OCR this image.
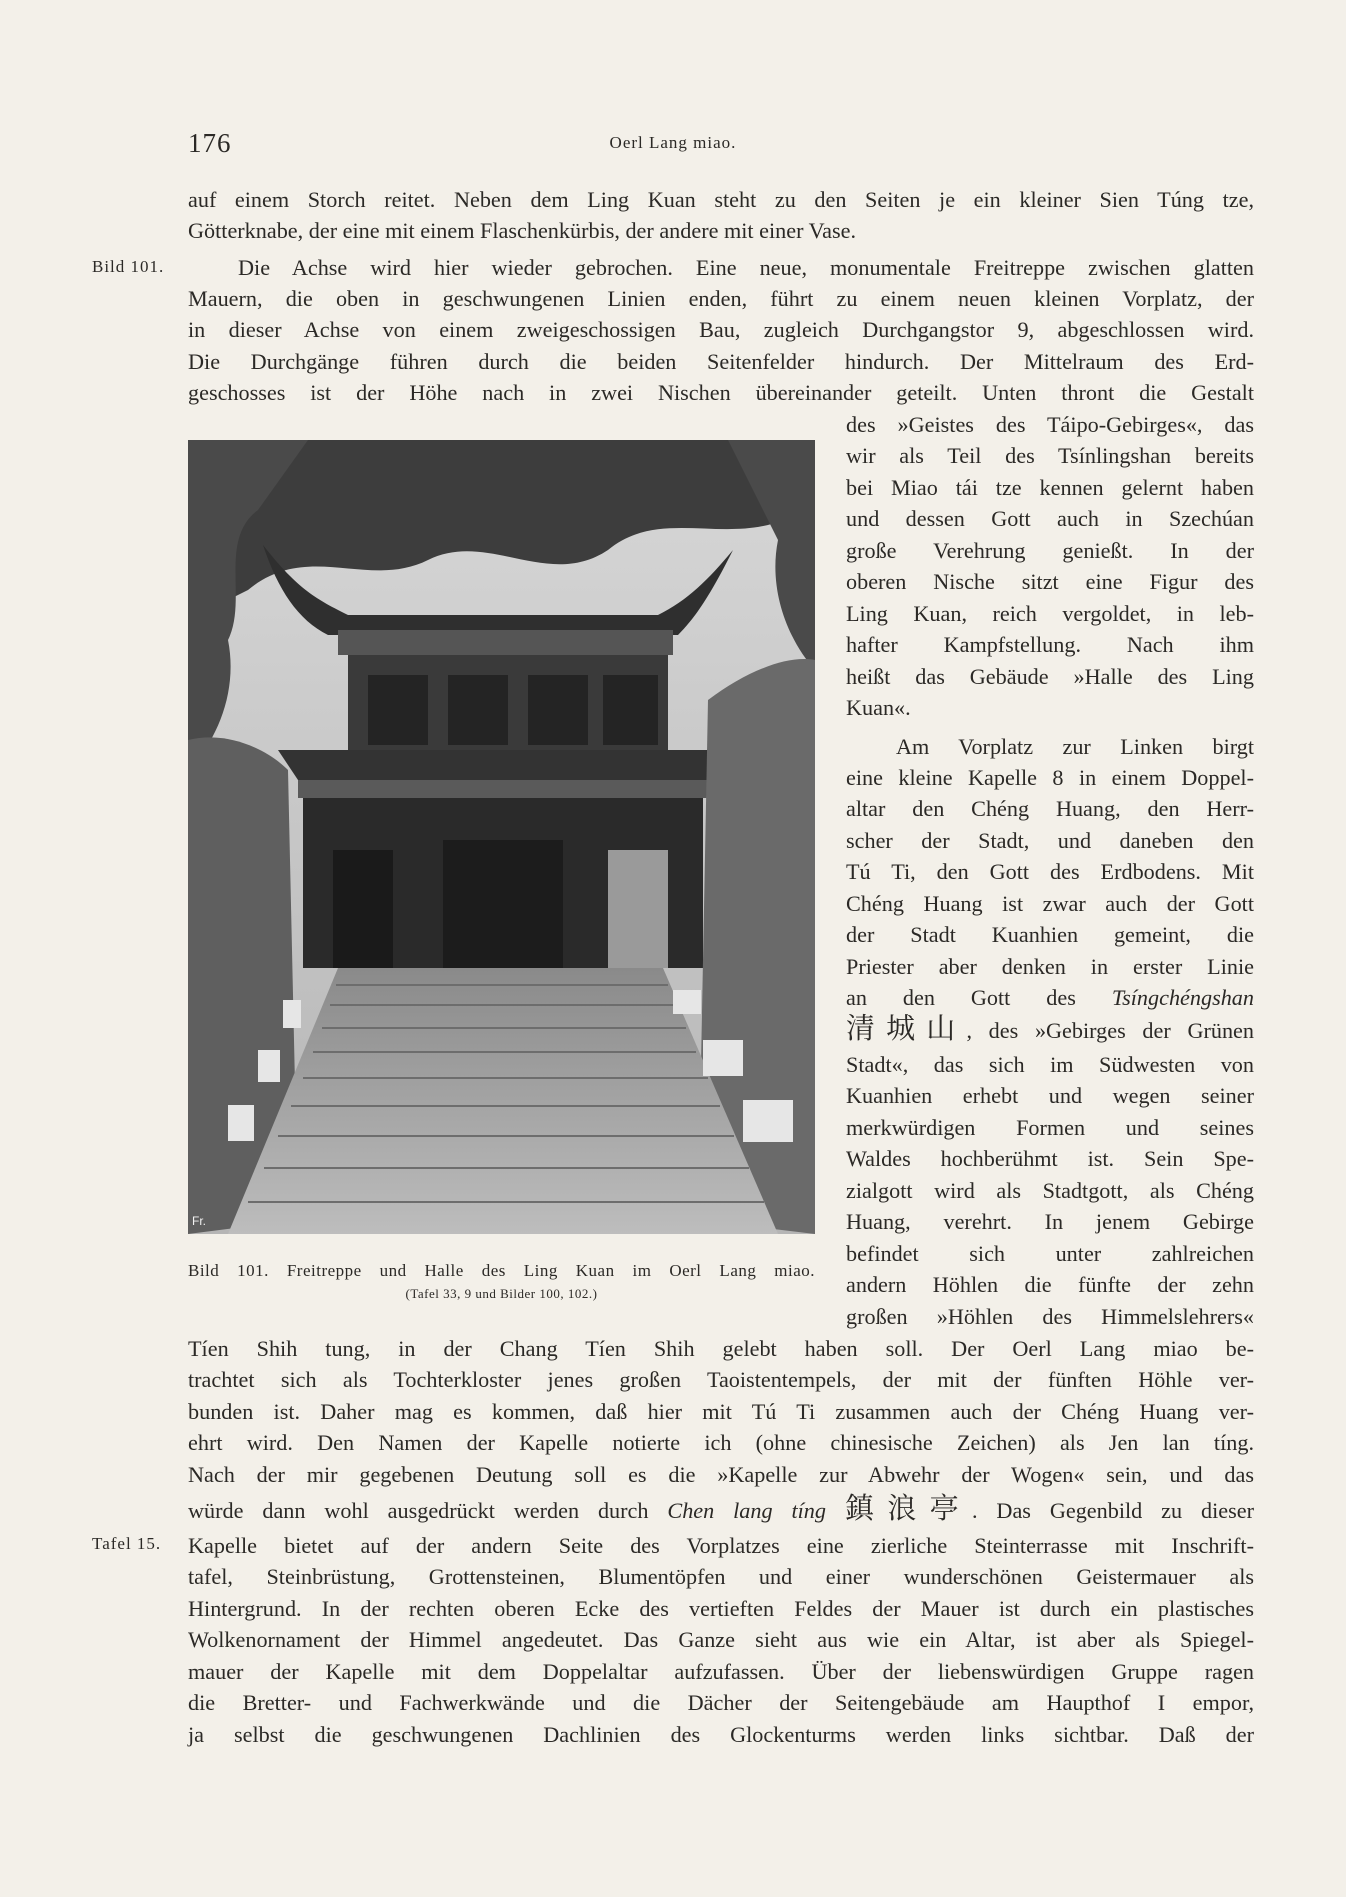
176	Oerl Lang miao.
Bild 101.
Tafel 15.
auf einem Storch reitet. Neben dem Ling Kuan steht zu den Seiten je ein kleiner Sien Túng tze,
Götterknabe, der eine mit einem Flaschenkürbis, der andere mit einer Vase.
Die Achse wird hier wieder gebrochen. Eine neue, monumentale Freitreppe zwischen glatten
Mauern, die oben in geschwungenen Linien enden, führt zu einem neuen kleinen Vorplatz, der
in dieser Achse von einem zweigeschossigen Bau, zugleich Durchgangstor 9, abgeschlossen wird.
Die Durchgänge führen durch die beiden Seitenfelder hindurch. Der Mittelraum des Erd-
geschosses ist der Höhe nach in zwei Nischen übereinander geteilt. Unten thront die Gestalt
Fr.
Bild 101. Freitreppe und Halle des Ling Kuan im Oerl Lang miao.
(Tafel 33, 9 und Bilder 100, 102.)
des »Geistes des Táipo-Gebirges«, das
wir als Teil des Tsínlingshan bereits
bei Miao tái tze kennen gelernt haben
und dessen Gott auch in Szechúan
große Verehrung genießt. In der
oberen Nische sitzt eine Figur des
Ling Kuan, reich vergoldet, in leb-
hafter Kampfstellung. Nach ihm
heißt das Gebäude »Halle des Ling
Kuan«.
Am Vorplatz zur Linken birgt
eine kleine Kapelle 8 in einem Doppel-
altar den Chéng Huang, den Herr-
scher der Stadt, und daneben den
Tú Ti, den Gott des Erdbodens. Mit
Chéng Huang ist zwar auch der Gott
der Stadt Kuanhien gemeint, die
Priester aber denken in erster Linie
an den Gott des Tsíngchéngshan
清城山, des »Gebirges der Grünen
Stadt«, das sich im Südwesten von
Kuanhien erhebt und wegen seiner
merkwürdigen Formen und seines
Waldes hochberühmt ist. Sein Spe-
zialgott wird als Stadtgott, als Chéng
Huang, verehrt. In jenem Gebirge
befindet sich unter zahlreichen
andern Höhlen die fünfte der zehn
großen »Höhlen des Himmelslehrers«
Tíen Shih tung, in der Chang Tíen Shih gelebt haben soll. Der Oerl Lang miao be-
trachtet sich als Tochterkloster jenes großen Taoistentempels, der mit der fünften Höhle ver-
bunden ist. Daher mag es kommen, daß hier mit Tú Ti zusammen auch der Chéng Huang ver-
ehrt wird. Den Namen der Kapelle notierte ich (ohne chinesische Zeichen) als Jen lan tíng.
Nach der mir gegebenen Deutung soll es die »Kapelle zur Abwehr der Wogen« sein, und das
würde dann wohl ausgedrückt werden durch Chen lang tíng 鎮浪亭. Das Gegenbild zu dieser
Kapelle bietet auf der andern Seite des Vorplatzes eine zierliche Steinterrasse mit Inschrift-
tafel, Steinbrüstung, Grottensteinen, Blumentöpfen und einer wunderschönen Geistermauer als
Hintergrund. In der rechten oberen Ecke des vertieften Feldes der Mauer ist durch ein plastisches
Wolkenornament der Himmel angedeutet. Das Ganze sieht aus wie ein Altar, ist aber als Spiegel-
mauer der Kapelle mit dem Doppelaltar aufzufassen. Über der liebenswürdigen Gruppe ragen
die Bretter- und Fachwerkwände und die Dächer der Seitengebäude am Haupthof I empor,
ja selbst die geschwungenen Dachlinien des Glockenturms werden links sichtbar. Daß der
